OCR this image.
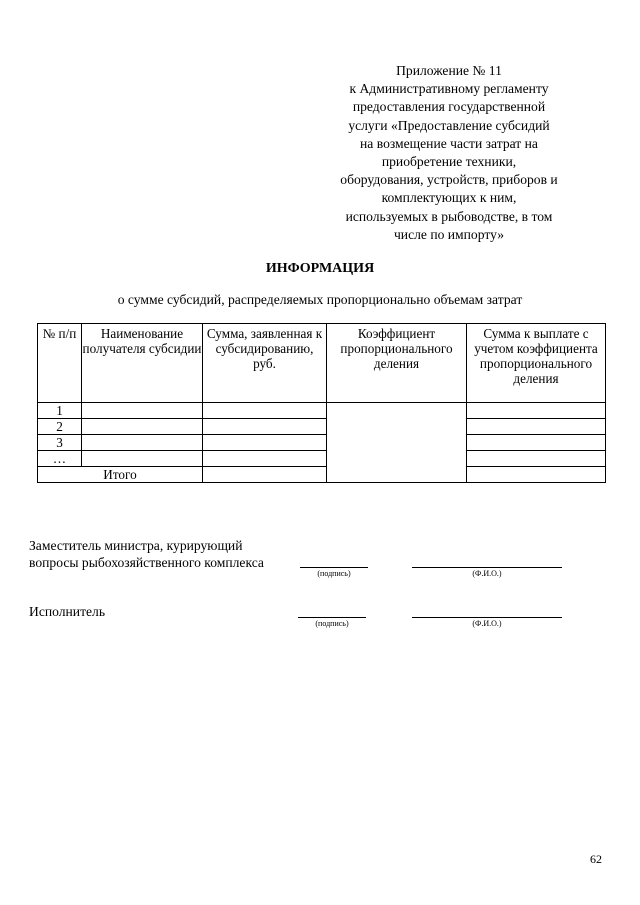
Приложение № 11
к Административному регламенту
предоставления государственной
услуги «Предоставление субсидий
на возмещение части затрат на
приобретение техники,
оборудования, устройств, приборов и
комплектующих к ним,
используемых в рыбоводстве, в том
числе по импорту»
ИНФОРМАЦИЯ
о сумме субсидий, распределяемых пропорционально объемам затрат
№ п/п	Наименование получателя субсидии	Сумма, заявленная к субсидированию, руб.	Коэффициент пропорционального деления	Сумма к выплате с учетом коэффициента пропорционального деления
1				
2				
3				
…				
Итого				
Заместитель министра, курирующий
вопросы рыбохозяйственного комплекса
(подпись)	(Ф.И.О.)
Исполнитель
(подпись)	(Ф.И.О.)
62
